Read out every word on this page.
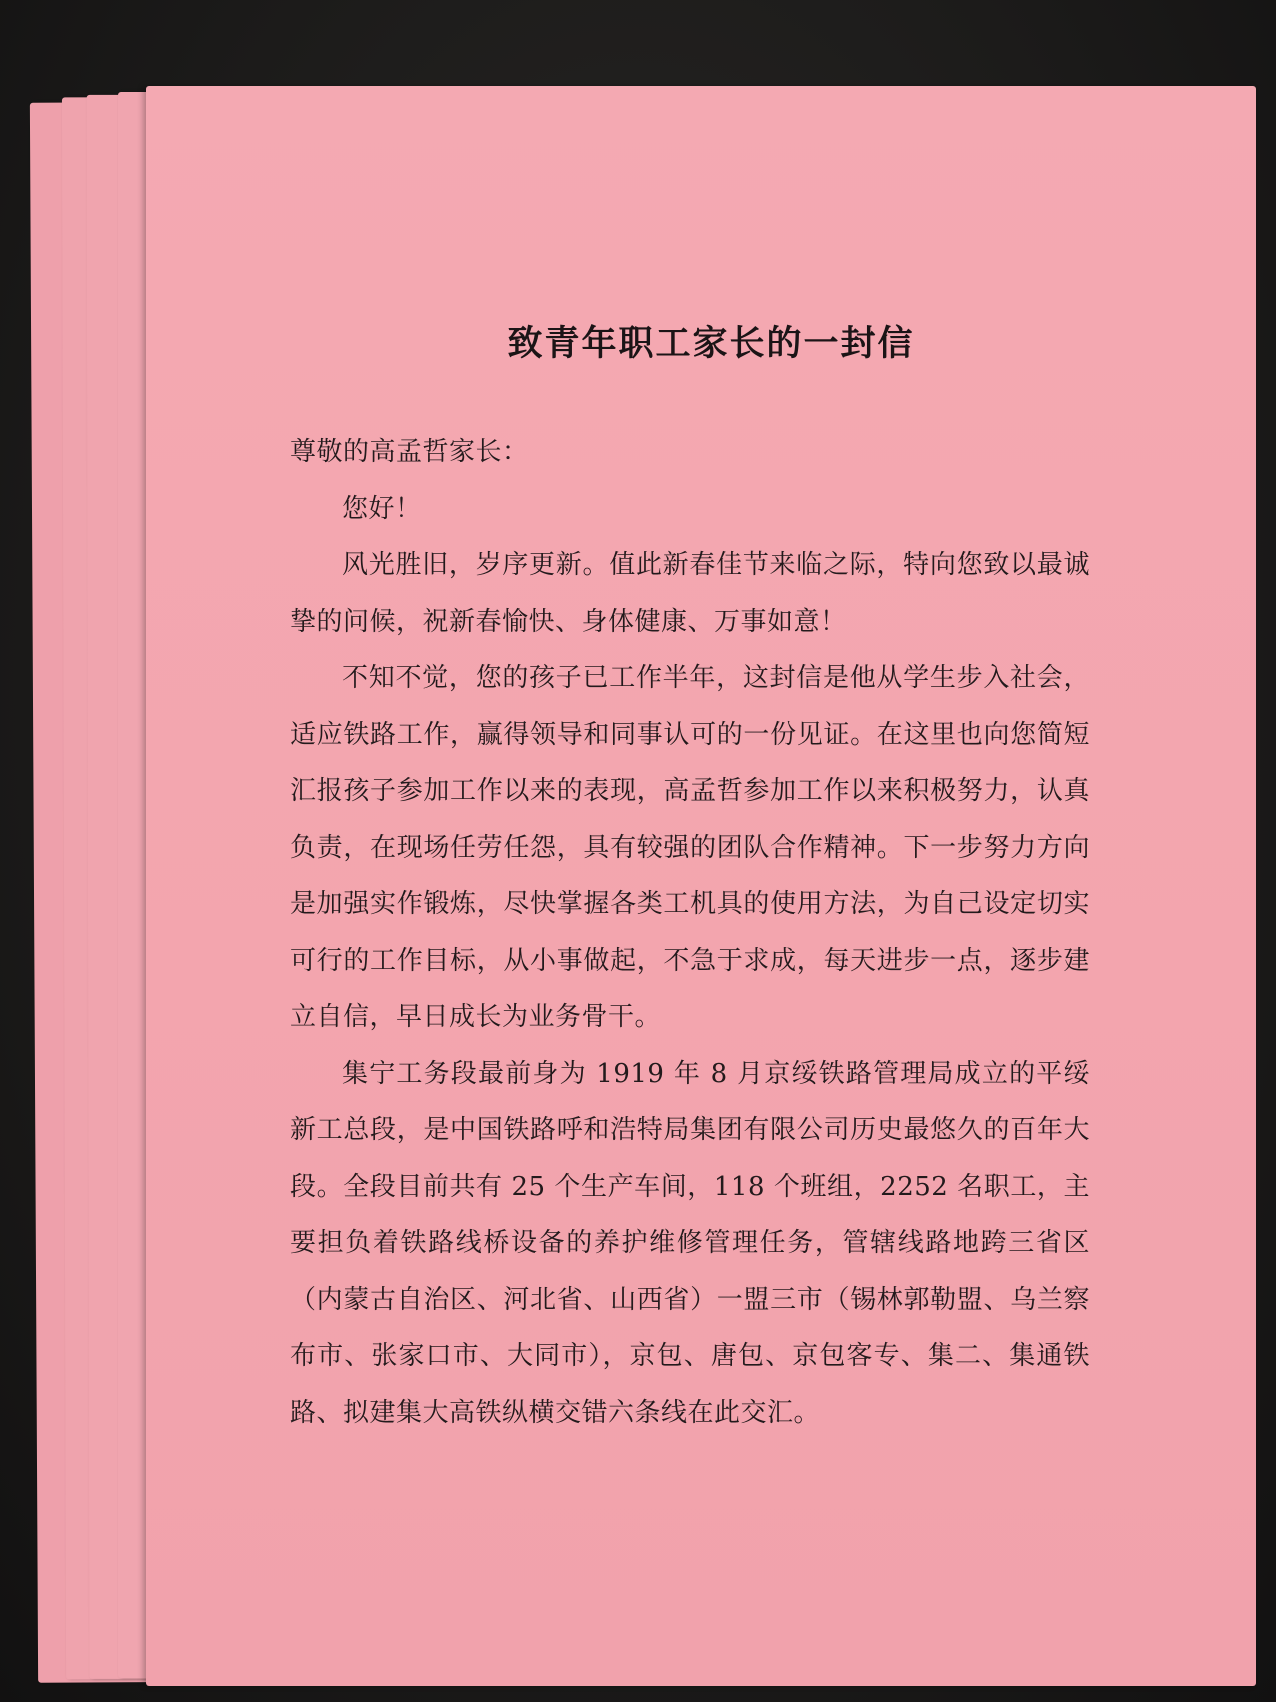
致青年职工家长的一封信

尊敬的高孟哲家长：

您好！

风光胜旧，岁序更新。值此新春佳节来临之际，特向您致以最诚挚的问候，祝新春愉快、身体健康、万事如意！

不知不觉，您的孩子已工作半年，这封信是他从学生步入社会，适应铁路工作，赢得领导和同事认可的一份见证。在这里也向您简短汇报孩子参加工作以来的表现，高孟哲参加工作以来积极努力，认真负责，在现场任劳任怨，具有较强的团队合作精神。下一步努力方向是加强实作锻炼，尽快掌握各类工机具的使用方法，为自己设定切实可行的工作目标，从小事做起，不急于求成，每天进步一点，逐步建立自信，早日成长为业务骨干。

集宁工务段最前身为 1919 年 8 月京绥铁路管理局成立的平绥新工总段，是中国铁路呼和浩特局集团有限公司历史最悠久的百年大段。全段目前共有 25 个生产车间，118 个班组，2252 名职工，主要担负着铁路线桥设备的养护维修管理任务，管辖线路地跨三省区（内蒙古自治区、河北省、山西省）一盟三市（锡林郭勒盟、乌兰察布市、张家口市、大同市），京包、唐包、京包客专、集二、集通铁路、拟建集大高铁纵横交错六条线在此交汇。
